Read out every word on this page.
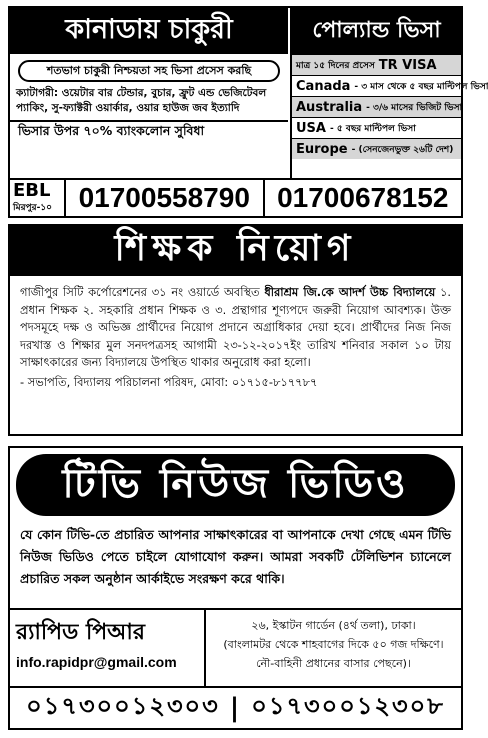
কানাডায় চাকুরী
শতভাগ চাকুরী নিশ্চয়তা সহ ভিসা প্রসেস করছি
ক্যাটাগরী: ওয়েটার বার টেন্ডার, বুচার, ফ্রুট এন্ড ভেজিটেবল
প্যাকিং, সু-ফ্যাক্টরী ওয়ার্কার, ওয়ার হাউজ জব ইত্যাদি
ভিসার উপর ৭০% ব্যাংকলোন সুবিধা
পোল্যান্ড ভিসা
মাত্র ১৫ দিনের প্রসেস TR VISA
Canada - ৩ মাস থেকে ৫ বছর মাল্টিপল ভিসা
Australia - ৩/৬ মাসের ভিজিট ভিসা
USA - ৫ বছর মাল্টিপল ভিসা
Europe - (সেনজেনভুক্ত ২৬টি দেশ)
EBL
মিরপুর-১০ 01700558790 01700678152
শিক্ষক নিয়োগ
গাজীপুর সিটি কর্পোরেশনের ৩১ নং ওয়ার্ডে অবস্থিত ধীরাশ্রম জি.কে আদর্শ উচ্চ বিদ্যালয়ে ১. প্রধান শিক্ষক ২. সহকারি প্রধান শিক্ষক ও ৩. প্রন্থাগার শূণ্যপদে জরুরী নিয়োগ আবশ্যক। উক্ত পদসমূহে দক্ষ ও অভিজ্ঞ প্রার্থীদের নিয়োগ প্রদানে অগ্রাধিকার দেয়া হবে। প্রার্থীদের নিজ নিজ দরখাস্ত ও শিক্ষার মুল সনদপত্রসহ আগামী ২৩-১২-২০১৭ইং তারিখ শনিবার সকাল ১০ টায় সাক্ষাৎকারের জন্য বিদ্যালয়ে উপস্থিত থাকার অনুরোধ করা হলো।
- সভাপতি, বিদ্যালয় পরিচালনা পরিষদ, মোবা: ০১৭১৫-৮১৭৭৮৭
টিভি নিউজ ভিডিও
যে কোন টিভি-তে প্রচারিত আপনার সাক্ষাৎকারের বা আপনাকে দেখা গেছে এমন টিভি নিউজ ভিডিও পেতে চাইলে যোগাযোগ করুন। আমরা সবকটি টেলিভিশন চ্যানেলে প্রচারিত সকল অনুষ্ঠান আর্কাইভে সংরক্ষণ করে থাকি।
র‍্যাপিড পিআর
info.rapidpr@gmail.com
২৬, ইস্কাটন গার্ডেন (৪র্থ তলা), ঢাকা।
(বাংলামটর থেকে শাহবাগের দিকে ৫০ গজ দক্ষিণে। নৌ-বাহিনী প্রধানের বাসার পেছনে)।
০১৭৩০০১২৩০৩ | ০১৭৩০০১২৩০৮
